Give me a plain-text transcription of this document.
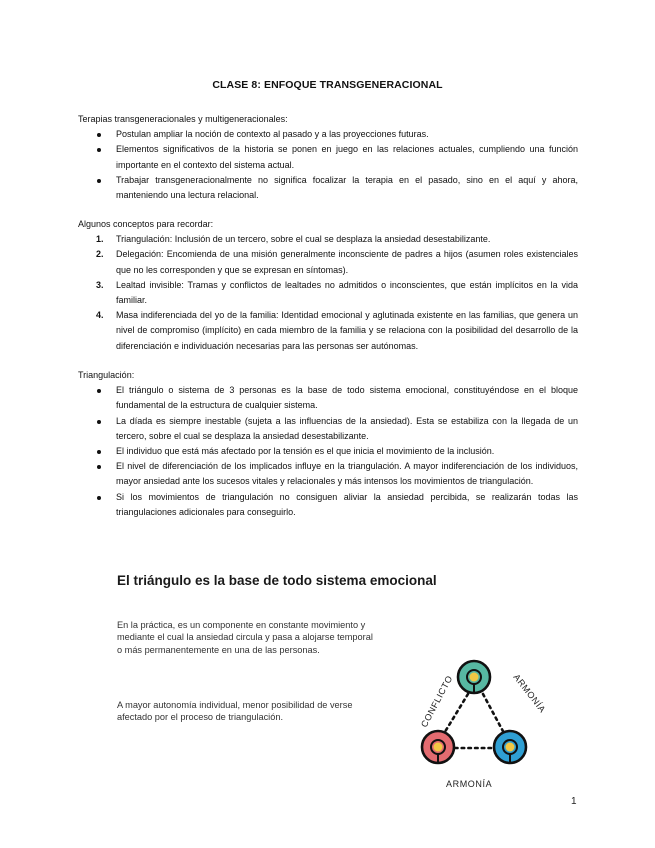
CLASE 8: ENFOQUE TRANSGENERACIONAL

Terapias transgeneracionales y multigeneracionales:

Postulan ampliar la noción de contexto al pasado y a las proyecciones futuras.
Elementos significativos de la historia se ponen en juego en las relaciones actuales, cumpliendo una función importante en el contexto del sistema actual.
Trabajar transgeneracionalmente no significa focalizar la terapia en el pasado, sino en el aquí y ahora, manteniendo una lectura relacional.

Algunos conceptos para recordar:

1. Triangulación: Inclusión de un tercero, sobre el cual se desplaza la ansiedad desestabilizante.
2. Delegación: Encomienda de una misión generalmente inconsciente de padres a hijos (asumen roles existenciales que no les corresponden y que se expresan en síntomas).
3. Lealtad invisible: Tramas y conflictos de lealtades no admitidos o inconscientes, que están implícitos en la vida familiar.
4. Masa indiferenciada del yo de la familia: Identidad emocional y aglutinada existente en las familias, que genera un nivel de compromiso (implícito) en cada miembro de la familia y se relaciona con la posibilidad del desarrollo de la diferenciación e individuación necesarias para las personas ser autónomas.

Triangulación:

El triángulo o sistema de 3 personas es la base de todo sistema emocional, constituyéndose en el bloque fundamental de la estructura de cualquier sistema.
La díada es siempre inestable (sujeta a las influencias de la ansiedad). Esta se estabiliza con la llegada de un tercero, sobre el cual se desplaza la ansiedad desestabilizante.
El individuo que está más afectado por la tensión es el que inicia el movimiento de la inclusión.
El nivel de diferenciación de los implicados influye en la triangulación. A mayor indiferenciación de los individuos, mayor ansiedad ante los sucesos vitales y relacionales y más intensos los movimientos de triangulación.
Si los movimientos de triangulación no consiguen aliviar la ansiedad percibida, se realizarán todas las triangulaciones adicionales para conseguirlo.
El triángulo es la base de todo sistema emocional
En la práctica, es un componente en constante movimiento y mediante el cual la ansiedad circula y pasa a alojarse temporal o más permanentemente en una de las personas.
A mayor autonomía individual, menor posibilidad de verse afectado por el proceso de triangulación.	CONFLICTO	ARMONÍA
ARMONÍA
1
